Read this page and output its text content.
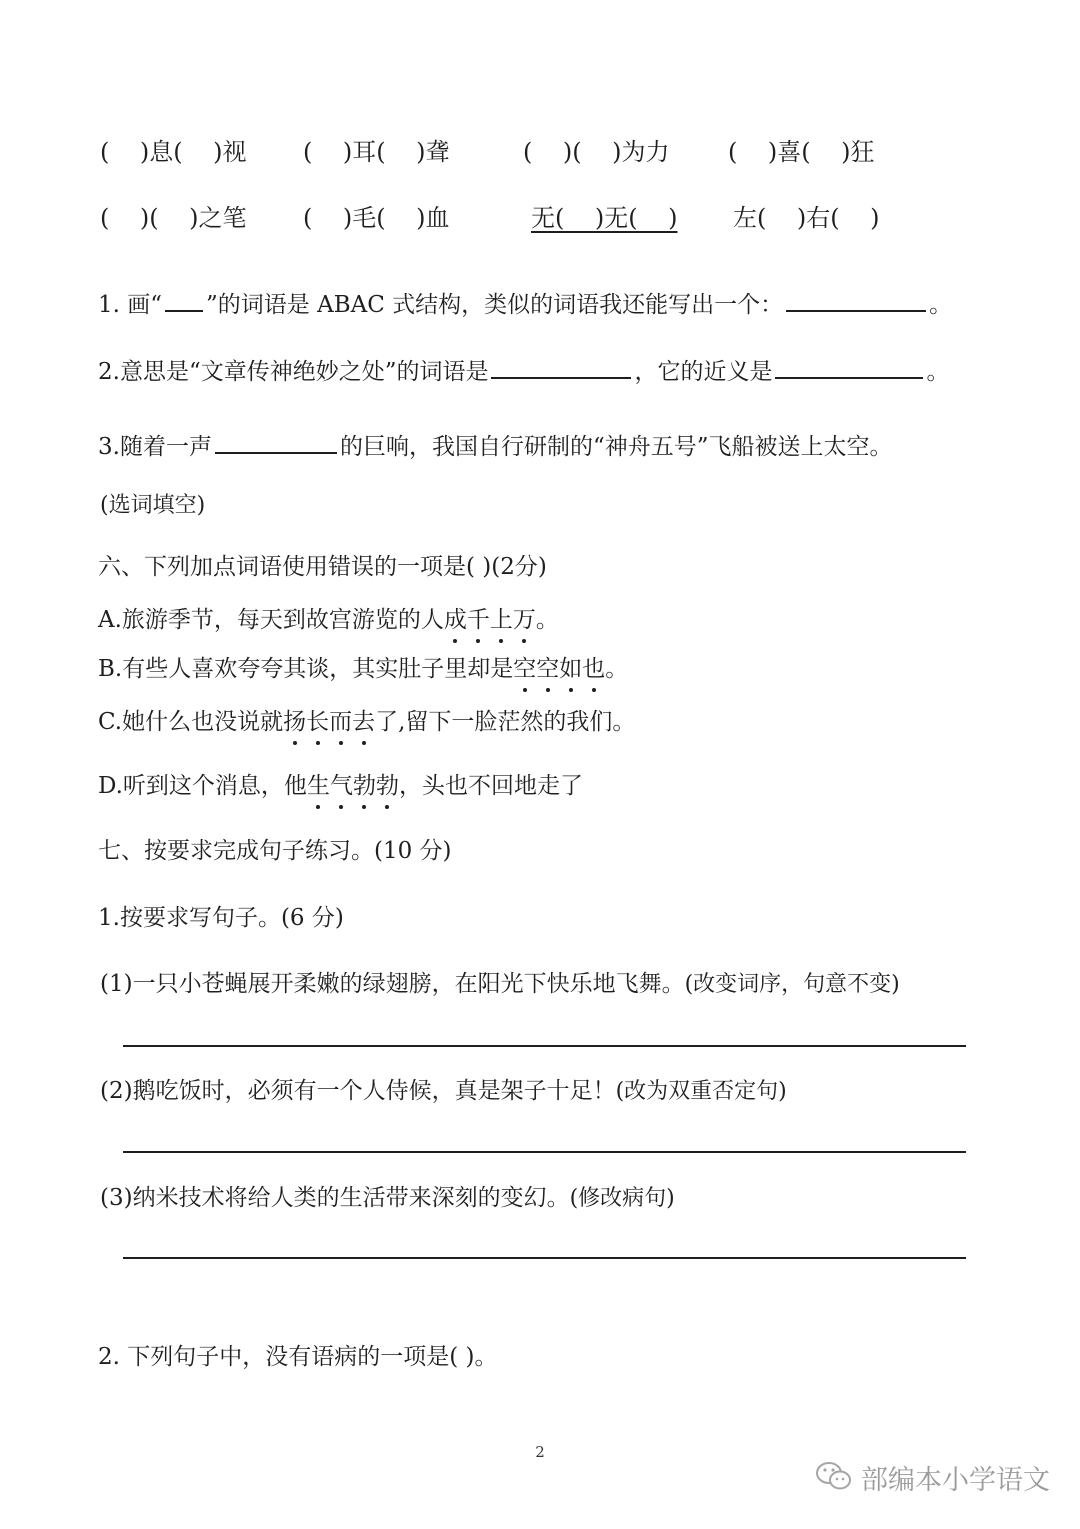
(    )息(    )视 (    )耳(    )聋	(    )(    )为力 (    )喜(    )狂
(    )(    )之笔 (    )毛(    )血	无(    )无(    ) 左(    )右(    )
1. 画“ ”的词语是 ABAC 式结构，类似的词语我还能写出一个：	。
2.意思是“文章传神绝妙之处”的词语是	，它的近义是	。
3.随着一声	的巨响，我国自行研制的“神舟五号”飞船被送上太空。
(选词填空)
六、下列加点词语使用错误的一项是( )(2分)
A.旅游季节，每天到故宫游览的人成千上万。
B.有些人喜欢夸夸其谈，其实肚子里却是空空如也。
C.她什么也没说就扬长而去了,留下一脸茫然的我们。
D.听到这个消息，他生气勃勃，头也不回地走了
七、按要求完成句子练习。(10 分)
1.按要求写句子。(6 分)
(1)一只小苍蝇展开柔嫩的绿翅膀，在阳光下快乐地飞舞。(改变词序，句意不变)
(2)鹅吃饭时，必须有一个人侍候，真是架子十足！(改为双重否定句)
(3)纳米技术将给人类的生活带来深刻的变幻。(修改病句)
2. 下列句子中，没有语病的一项是( )。
2
部编本小学语文
